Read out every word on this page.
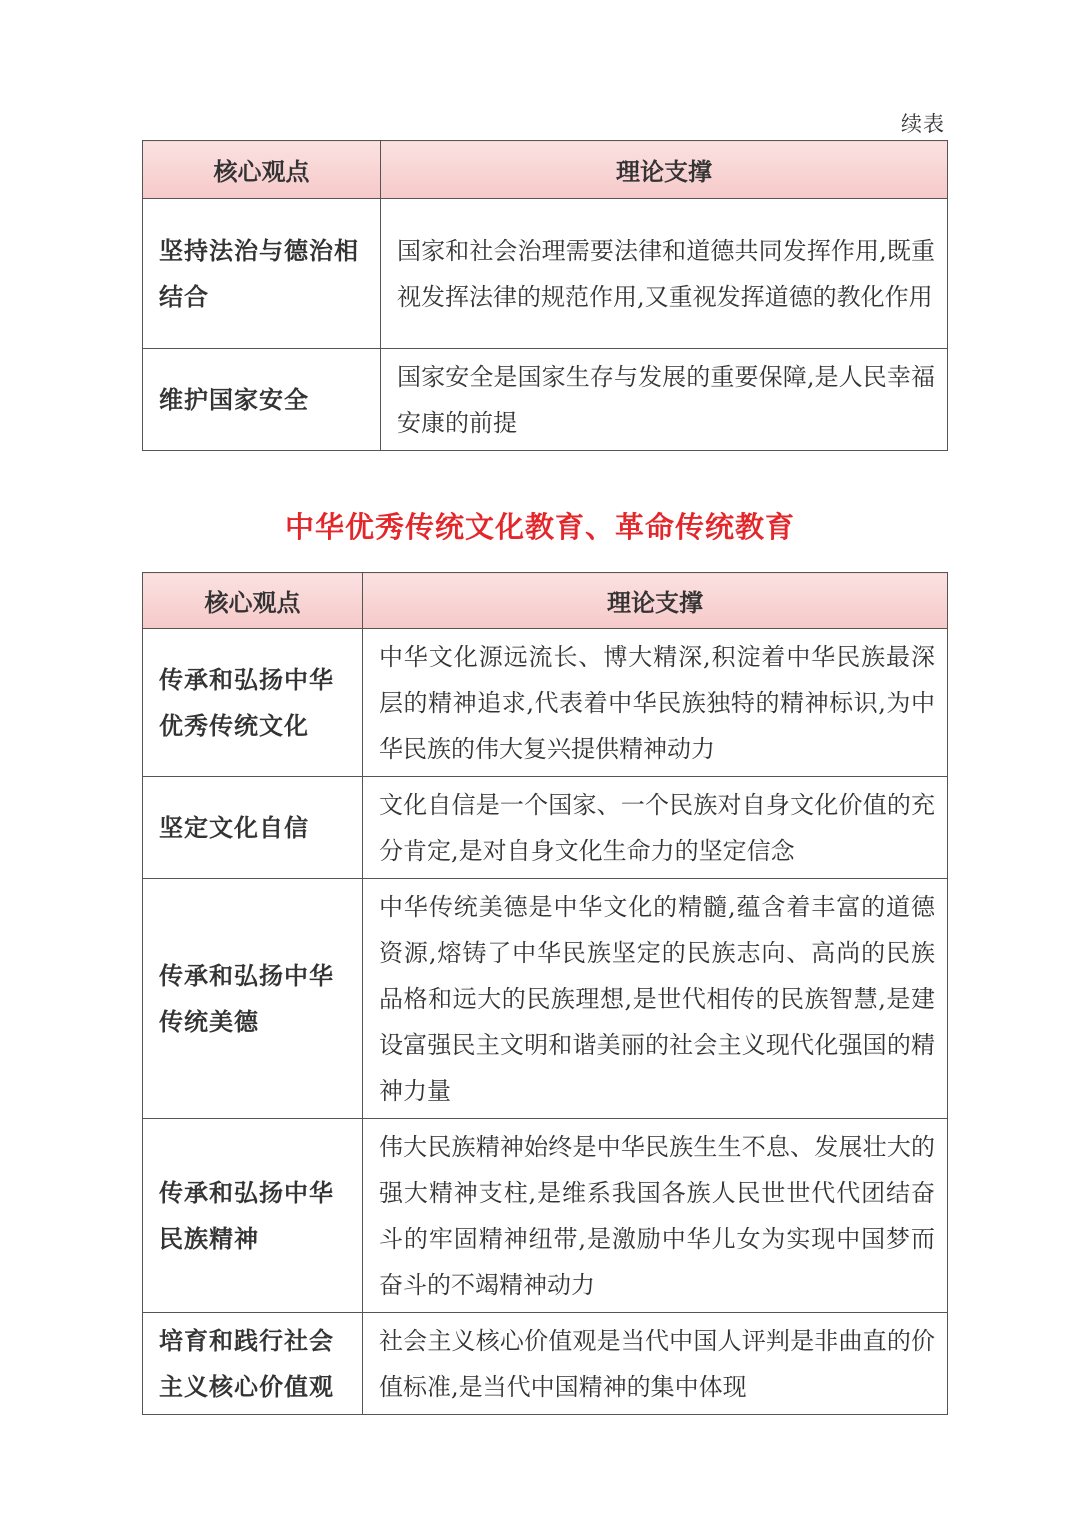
续表
核心观点	理论支撑
坚持法治与德治相结合	国家和社会治理需要法律和道德共同发挥作用,既重视发挥法律的规范作用,又重视发挥道德的教化作用
维护国家安全	国家安全是国家生存与发展的重要保障,是人民幸福安康的前提
中华优秀传统文化教育、革命传统教育
核心观点	理论支撑
传承和弘扬中华优秀传统文化	中华文化源远流长、博大精深,积淀着中华民族最深层的精神追求,代表着中华民族独特的精神标识,为中华民族的伟大复兴提供精神动力
坚定文化自信	文化自信是一个国家、一个民族对自身文化价值的充分肯定,是对自身文化生命力的坚定信念
传承和弘扬中华传统美德	中华传统美德是中华文化的精髓,蕴含着丰富的道德资源,熔铸了中华民族坚定的民族志向、高尚的民族品格和远大的民族理想,是世代相传的民族智慧,是建设富强民主文明和谐美丽的社会主义现代化强国的精神力量
传承和弘扬中华民族精神	伟大民族精神始终是中华民族生生不息、发展壮大的强大精神支柱,是维系我国各族人民世世代代团结奋斗的牢固精神纽带,是激励中华儿女为实现中国梦而奋斗的不竭精神动力
培育和践行社会主义核心价值观	社会主义核心价值观是当代中国人评判是非曲直的价值标准,是当代中国精神的集中体现
